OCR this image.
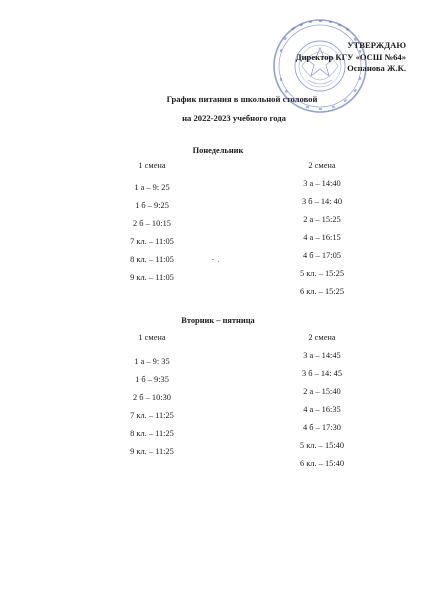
УТВЕРЖДАЮ
Директор КГУ «ОСШ №64»
Оспанова Ж.К.
График питания в школьной столовой
на 2022-2023 учебного года
Понедельник
1 смена
1 а – 9: 25
1 б – 9:25
2 б – 10:15
7 кл. – 11:05
8 кл. – 11:05
9 кл. – 11:05
2 смена
3 а – 14:40
3 б – 14: 40
2 а – 15:25
4 а – 16:15
4 б – 17:05
5 кл. – 15:25
6 кл. – 15:25
Вторник – пятница
1 смена
1 а – 9: 35
1 б – 9:35
2 б – 10:30
7 кл. – 11:25
8 кл. – 11:25
9 кл. – 11:25
2 смена
3 а – 14:45
3 б – 14: 45
2 а – 15:40
4 а – 16:35
4 б – 17:30
5 кл. – 15:40
6 кл. – 15:40
